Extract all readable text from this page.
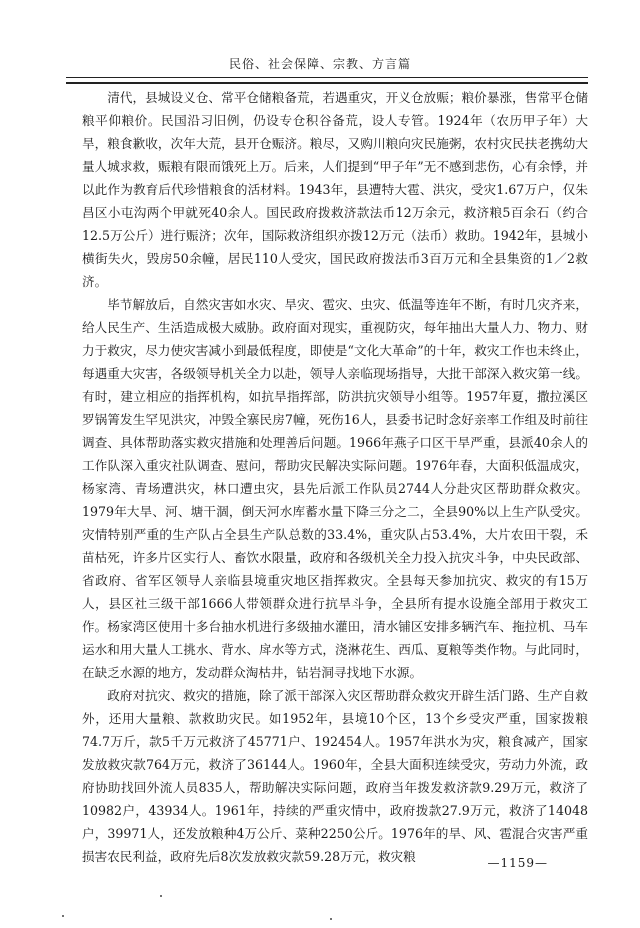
民俗、社会保障、宗教、方言篇

清代，县城设义仓、常平仓储粮备荒，若遇重灾，开义仓放赈；粮价暴涨，售常平仓储粮平仰粮价。民国沿习旧例，仍设专仓积谷备荒，设人专管。1924年（农历甲子年）大旱，粮食歉收，次年大荒，县开仓赈济。粮尽，又购川粮向灾民施粥，农村灾民扶老携幼大量人城求救，赈粮有限而饿死上万。后来，人们提到“甲子年”无不感到悲伤，心有余悸，并以此作为教育后代珍惜粮食的活材料。1943年，县遭特大雹、洪灾，受灾1.67万户，仅朱昌区小屯沟两个甲就死40余人。国民政府拨救济款法币12万余元，救济粮5百余石（约合12.5万公斤）进行赈济；次年，国际救济组织亦拨12万元（法币）救助。1942年，县城小横街失火，毁房50余幢，居民110人受灾，国民政府拨法币3百万元和全县集资的1／2救济。

毕节解放后，自然灾害如水灾、旱灾、雹灾、虫灾、低温等连年不断，有时几灾齐来，给人民生产、生活造成极大威胁。政府面对现实，重视防灾，每年抽出大量人力、物力、财力于救灾，尽力使灾害减小到最低程度，即使是“文化大革命”的十年，救灾工作也未终止，每遇重大灾害，各级领导机关全力以赴，领导人亲临现场指导，大批干部深入救灾第一线。有时，建立相应的指挥机构，如抗旱指挥部，防洪抗灾领导小组等。1957年夏，撒拉溪区罗锅箐发生罕见洪灾，冲毁全寨民房7幢，死伤16人，县委书记时念好亲率工作组及时前往调查、具体帮助落实救灾措施和处理善后问题。1966年燕子口区干旱严重，县派40余人的工作队深入重灾社队调查、慰问，帮助灾民解决实际问题。1976年春，大面积低温成灾，杨家湾、青场遭洪灾，林口遭虫灾，县先后派工作队员2744人分赴灾区帮助群众救灾。1979年大旱、河、塘干涸，倒天河水库蓄水量下降三分之二，全县90%以上生产队受灾。灾情特别严重的生产队占全县生产队总数的33.4%，重灾队占53.4%，大片农田干裂，禾苗枯死，许多片区实行人、畜饮水限量，政府和各级机关全力投入抗灾斗争，中央民政部、省政府、省军区领导人亲临县境重灾地区指挥救灾。全县每天参加抗灾、救灾的有15万人，县区社三级干部1666人带领群众进行抗旱斗争，全县所有提水设施全部用于救灾工作。杨家湾区使用十多台抽水机进行多级抽水灌田，清水铺区安排多辆汽车、拖拉机、马车运水和用大量人工挑水、背水、戽水等方式，浇淋花生、西瓜、夏粮等类作物。与此同时，在缺乏水源的地方，发动群众淘枯井，钻岩洞寻找地下水源。

政府对抗灾、救灾的措施，除了派干部深入灾区帮助群众救灾开辟生活门路、生产自救外，还用大量粮、款救助灾民。如1952年，县境10个区，13个乡受灾严重，国家拨粮74.7万斤，款5千万元救济了45771户、192454人。1957年洪水为灾，粮食减产，国家发放救灾款764万元，救济了36144人。1960年，全县大面积连续受灾，劳动力外流，政府协助找回外流人员835人，帮助解决实际问题，政府当年拨发救济款9.29万元，救济了10982户，43934人。1961年，持续的严重灾情中，政府拨款27.9万元，救济了14048户，39971人，还发放粮种4万公斤、菜种2250公斤。1976年的旱、风、雹混合灾害严重损害农民利益，政府先后8次发放救灾款59.28万元，救灾粮	—1159—
